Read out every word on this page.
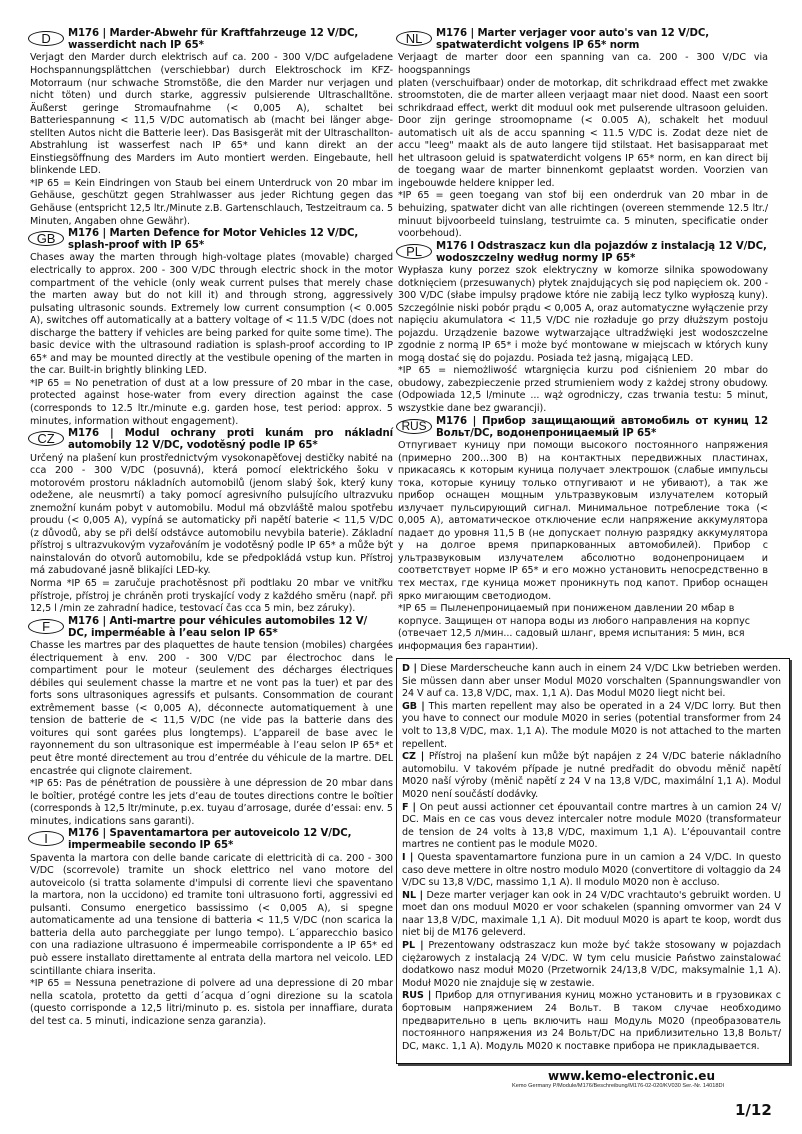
D	M176 | Marder-Abwehr für Kraftfahrzeuge 12 V/DC,
wasserdicht nach IP 65*

Verjagt den Marder durch elektrisch auf ca. 200 - 300 V/DC aufgeladene Hochspannungsplättchen (verschiebbar) durch Elektroschock im KFZ-Motorraum (nur schwache Stromstöße, die den Marder nur verjagen und nicht töten) und durch starke, aggressiv pulsierende Ultraschalltöne. Äußerst geringe Stromaufnahme (< 0,005 A), schaltet bei Batteriespannung < 11,5 V/DC automatisch ab (macht bei länger abgestellten Autos nicht die Batterie leer). Das Basisgerät mit der Ultraschallton-Abstrahlung ist wasserfest nach IP 65* und kann direkt an der Einstiegsöffnung des Marders im Auto montiert werden. Eingebaute, hell blinkende LED.

*IP 65 = Kein Eindringen von Staub bei einem Unterdruck von 20 mbar im Gehäuse, geschützt gegen Strahlwasser aus jeder Richtung gegen das Gehäuse (entspricht 12,5 ltr./Minute z.B. Gartenschlauch, Testzeitraum ca. 5 Minuten, Angaben ohne Gewähr).

GB	M176 | Marten Defence for Motor Vehicles 12 V/DC,
splash-proof with IP 65*

Chases away the marten through high-voltage plates (movable) charged electrically to approx. 200 - 300 V/DC through electric shock in the motor compartment of the vehicle (only weak current pulses that merely chase the marten away but do not kill it) and through strong, aggressively pulsating ultrasonic sounds. Extremely low current consumption (< 0.005 A), switches off automatically at a battery voltage of < 11.5 V/DC (does not discharge the battery if vehicles are being parked for quite some time). The basic device with the ultrasound radiation is splash-proof according to IP 65* and may be mounted directly at the vestibule opening of the marten in the car. Built-in brightly blinking LED.

*IP 65 = No penetration of dust at a low pressure of 20 mbar in the case, protected against hose-water from every direction against the case (corresponds to 12.5 ltr./minute e.g. garden hose, test period: approx. 5 minutes, information without engagement).

CZ	M176 | Modul ochrany proti kunám pro nákladní
automobily 12 V/DC, vodotěsný podle IP 65*

Určený na plašení kun prostřednictvým vysokonapěťovej destičky nabité na cca 200 - 300 V/DC (posuvná), která pomocí elektrického šoku v motorovém prostoru nákladních automobilů (jenom slabý šok, který kuny odežene, ale neusmrtí) a taky pomocí agresivního pulsujícího ultrazvuku znemožní kunám pobyt v automobilu. Modul má obzvláště malou spotřebu proudu (< 0,005 A), vypíná se automaticky při napětí baterie < 11,5 V/DC (z důvodů, aby se při delší odstávce automobilu nevybila baterie). Základní přístroj s ultrazvukovým vyzařováním je vodotěsný podle IP 65* a může být nainstalován do otvorů automobilu, kde se předpokládá vstup kun. Přístroj má zabudované jasně blikajíci LED-ky.

Norma *IP 65 = zaručuje prachotěsnost při podtlaku 20 mbar ve vnitřku přístroje, přístroj je chráněn proti tryskající vody z každého směru (např. při 12,5 l /min ze zahradní hadice, testovací čas cca 5 min, bez záruky).

F	M176 | Anti-martre pour véhicules automobiles 12 V/
DC, imperméable à l’eau selon IP 65*

Chasse les martres par des plaquettes de haute tension (mobiles) chargées électriquement à env. 200 - 300 V/DC par électrochoc dans le compartiment pour le moteur (seulement des décharges électriques débiles qui seulement chasse la martre et ne vont pas la tuer) et par des forts sons ultrasoniques agressifs et pulsants. Consommation de courant extrêmement basse (< 0,005 A), déconnecte automatiquement à une tension de batterie de < 11,5 V/DC (ne vide pas la batterie dans des voitures qui sont garées plus longtemps). L’appareil de base avec le rayonnement du son ultrasonique est imperméable à l’eau selon IP 65* et peut être monté directement au trou d’entrée du véhicule de la martre. DEL encastrée qui clignote clairement.

*IP 65: Pas de pénétration de poussière à une dépression de 20 mbar dans le boîtier, protégé contre les jets d’eau de toutes directions contre le boîtier (corresponds à 12,5 ltr/minute, p.ex. tuyau d’arrosage, durée d’essai: env. 5 minutes, indications sans garanti).

I	M176 | Spaventamartora per autoveicolo 12 V/DC,
impermeabile secondo IP 65*

Spaventa la martora con delle bande caricate di elettricità di ca. 200 - 300 V/DC (scorrevole) tramite un shock elettrico nel vano motore del autoveicolo (si tratta solamente d'impulsi di corrente lievi che spaventano la martora, non la uccidono) ed tramite toni ultrasuono forti, aggressivi ed pulsanti. Consumo energetico bassissimo (< 0,005 A), si spegne automaticamente ad una tensione di batteria < 11,5 V/DC (non scarica la batteria della auto parcheggiate per lungo tempo). L´apparecchio basico con una radiazione ultrasuono é impermeabile corrispondente a IP 65* ed può essere installato direttamente al entrata della martora nel veicolo. LED scintillante chiara inserita.

*IP 65 = Nessuna penetrazione di polvere ad una depressione di 20 mbar nella scatola, protetto da getti d´acqua d´ogni direzione su la scatola (questo corrisponde a 12,5 litri/minuto p. es. sistola per innaffiare, durata del test ca. 5 minuti, indicazione senza garanzia).

NL	M176 | Marter verjager voor auto's van 12 V/DC,
spatwaterdicht volgens IP 65* norm

Verjaagt de marter door een spanning van ca. 200 - 300 V/DC via hoogspannings

platen (verschuifbaar) onder de motorkap, dit schrikdraad effect met zwakke stroomstoten, die de marter alleen verjaagt maar niet dood. Naast een soort schrikdraad effect, werkt dit moduul ook met pulserende ultrasoon geluiden. Door zijn geringe stroomopname (< 0.005 A), schakelt het moduul automatisch uit als de accu spanning < 11.5 V/DC is. Zodat deze niet de accu "leeg" maakt als de auto langere tijd stilstaat. Het basisapparaat met het ultrasoon geluid is spatwaterdicht volgens IP 65* norm, en kan direct bij de toegang waar de marter binnenkomt geplaatst worden. Voorzien van ingebouwde heldere knipper led.

*IP 65 = geen toegang van stof bij een onderdruk van 20 mbar in de behuizing, spatwater dicht van alle richtingen (overeen stemmende 12.5 ltr./ minuut bijvoorbeeld tuinslang, testruimte ca. 5 minuten, specificatie onder voorbehoud).

PL	M176 l Odstraszacz kun dla pojazdów z instalacją 12 V/DC,
wodoszczelny według normy IP 65*

Wypłasza kuny porzez szok elektryczny w komorze silnika spowodowany dotknięciem (przesuwanych) płytek znajdujących się pod napięciem ok. 200 - 300 V/DC (słabe impulsy prądowe które nie zabiją lecz tylko wypłoszą kuny). Szczególnie niski pobór prądu < 0,005 A, oraz automatyczne wyłączenie przy napięciu akumulatora < 11,5 V/DC nie rozładuje go przy dłuższym postoju pojazdu. Urządzenie bazowe wytwarzające ultradźwięki jest wodoszczelne zgodnie z normą IP 65* i może być montowane w miejscach w których kuny mogą dostać się do pojazdu. Posiada też jasną, migającą LED.

*IP 65 = niemożliwość wtargnięcia kurzu pod ciśnieniem 20 mbar do obudowy, zabezpieczenie przed strumieniem wody z każdej strony obudowy. (Odpowiada 12,5 l/minute ... wąż ogrodniczy, czas trwania testu: 5 minut, wszystkie dane bez gwarancji).

RUS M176 | Прибор защищающий автомобиль от куниц 12
Вольт/DC, водонепроницаемый IP 65*

Отпугивает куницу при помощи высокого постоянного напряжения (примерно 200...300 В) на контактных передвижных пластинах, прикасаясь к которым куница получает электрошок (слабые импульсы тока, которые куницу только отпугивают и не убивают), а так же прибор оснащен мощным ультразвуковым излучателем который излучает пульсирующий сигнал. Минимальное потребление тока (< 0,005 А), автоматическое отключение если напряжение аккумулятора падает до уровня 11,5 В (не допускает полную разрядку аккумулятора у на долгое время припаркованных автомобилей). Прибор с ультразвуковым излучателем абсолютно водонепроницаем и соответствует норме IP 65* и его можно установить непосредственно в тех местах, где куница может проникнуть под капот. Прибор оснащен ярко мигающим светодиодом.

*IP 65 = Пыленепроницаемый при пониженом давлении 20 мбар в

корпусе. Защищен от напора воды из любого направления на корпус

(отвечает 12,5 л/мин... садовый шланг, время испытания: 5 мин, вся

информация без гарантии).

D | Diese Marderscheuche kann auch in einem 24 V/DC Lkw betrieben werden. Sie müssen dann aber unser Modul M020 vorschalten (Spannungswandler von 24 V auf ca. 13,8 V/DC, max. 1,1 A). Das Modul M020 liegt nicht bei.

GB | This marten repellent may also be operated in a 24 V/DC lorry. But then you have to connect our module M020 in series (potential transformer from 24 volt to 13,8 V/DC, max. 1,1 A). The module M020 is not attached to the marten repellent.

CZ | Přístroj na plašení kun může být napájen z 24 V/DC baterie nákladního automobilu. V takovém případe je nutné predřadit do obvodu měnič napětí M020 naší výroby (měnič napětí z 24 V na 13,8 V/DC, maximální 1,1 A). Modul M020 není součástí dodávky.

F | On peut aussi actionner cet épouvantail contre martres à un camion 24 V/ DC. Mais en ce cas vous devez intercaler notre module M020 (transformateur de tension de 24 volts à 13,8 V/DC, maximum 1,1 A). L’épouvantail contre martres ne contient pas le module M020.

I | Questa spaventamartore funziona pure in un camion a 24 V/DC. In questo caso deve mettere in oltre nostro modulo M020 (convertitore di voltaggio da 24 V/DC su 13,8 V/DC, massimo 1,1 A). Il modulo M020 non è accluso.

NL | Deze marter verjager kan ook in 24 V/DC vrachtauto's gebruikt worden. U moet dan ons moduul M020 er voor schakelen (spanning omvormer van 24 V naar 13,8 V/DC, maximale 1,1 A). Dit moduul M020 is apart te koop, wordt dus niet bij de M176 geleverd.

PL | Prezentowany odstraszacz kun może być także stosowany w pojazdach ciężarowych z instalacją 24 V/DC. W tym celu musicie Państwo zainstalować dodatkowo nasz moduł M020 (Przetwornik 24/13,8 V/DC, maksymalnie 1,1 A). Moduł M020 nie znajduje się w zestawie.

RUS | Прибор для отпугивания куниц можно установить и в грузовиках с бортовым напряжением 24 Вольт. В таком случае необходимо предварительно в цепь включить наш Модуль M020 (преобразователь постоянного напряжения из 24 Вольт/DC на приблизительно 13,8 Вольт/ DC, макс. 1,1 А). Модуль M020 к поставке прибора не прикладывается.

www.kemo-electronic.eu
Kemo Germany P/Module/M176/Beschreibung/M176-02-020/KV030 Ser.-Nr. 14018DI
1/12
